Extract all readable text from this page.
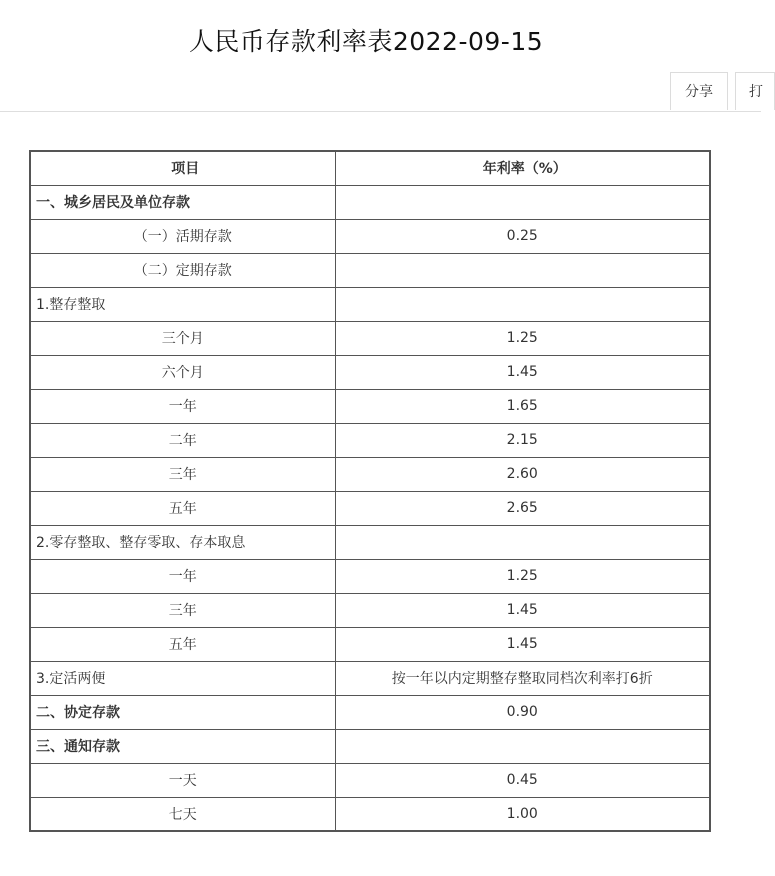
人民币存款利率表2022-09-15
分享	打
项目	年利率（%）
一、城乡居民及单位存款	
（一）活期存款	0.25
（二）定期存款	
1.整存整取	
三个月	1.25
六个月	1.45
一年	1.65
二年	2.15
三年	2.60
五年	2.65
2.零存整取、整存零取、存本取息	
一年	1.25
三年	1.45
五年	1.45
3.定活两便	按一年以内定期整存整取同档次利率打6折
二、协定存款	0.90
三、通知存款	
一天	0.45
七天	1.00
